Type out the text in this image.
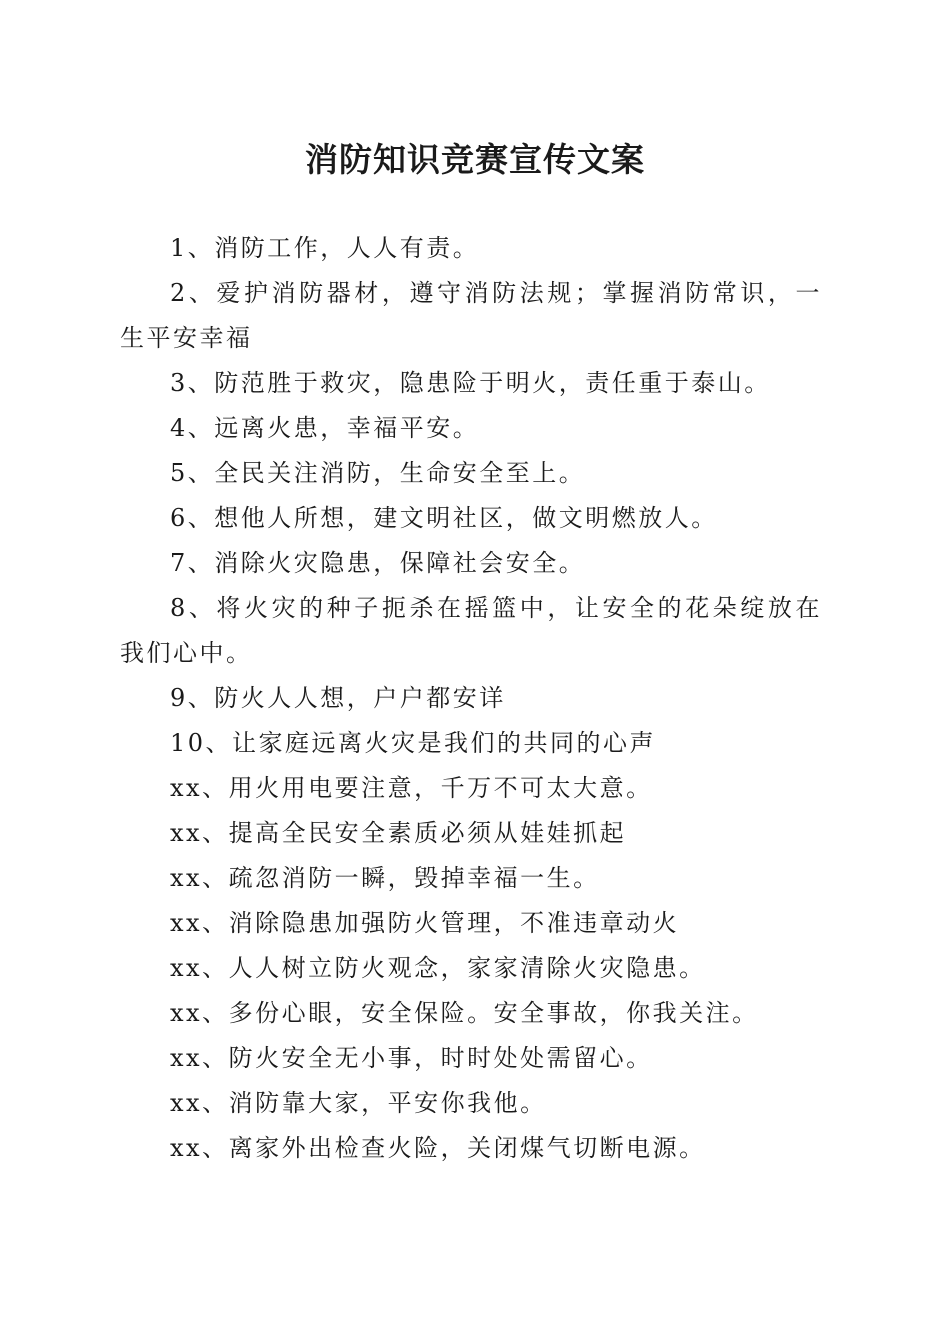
消防知识竞赛宣传文案

1、消防工作，人人有责。

2、爱护消防器材，遵守消防法规；掌握消防常识，一生平安幸福

3、防范胜于救灾，隐患险于明火，责任重于泰山。

4、远离火患，幸福平安。

5、全民关注消防，生命安全至上。

6、想他人所想，建文明社区，做文明燃放人。

7、消除火灾隐患，保障社会安全。

8、将火灾的种子扼杀在摇篮中，让安全的花朵绽放在我们心中。

9、防火人人想，户户都安详

10、让家庭远离火灾是我们的共同的心声

xx、用火用电要注意，千万不可太大意。

xx、提高全民安全素质必须从娃娃抓起

xx、疏忽消防一瞬，毁掉幸福一生。

xx、消除隐患加强防火管理，不准违章动火

xx、人人树立防火观念，家家清除火灾隐患。

xx、多份心眼，安全保险。安全事故，你我关注。

xx、防火安全无小事，时时处处需留心。

xx、消防靠大家，平安你我他。

xx、离家外出检查火险，关闭煤气切断电源。
